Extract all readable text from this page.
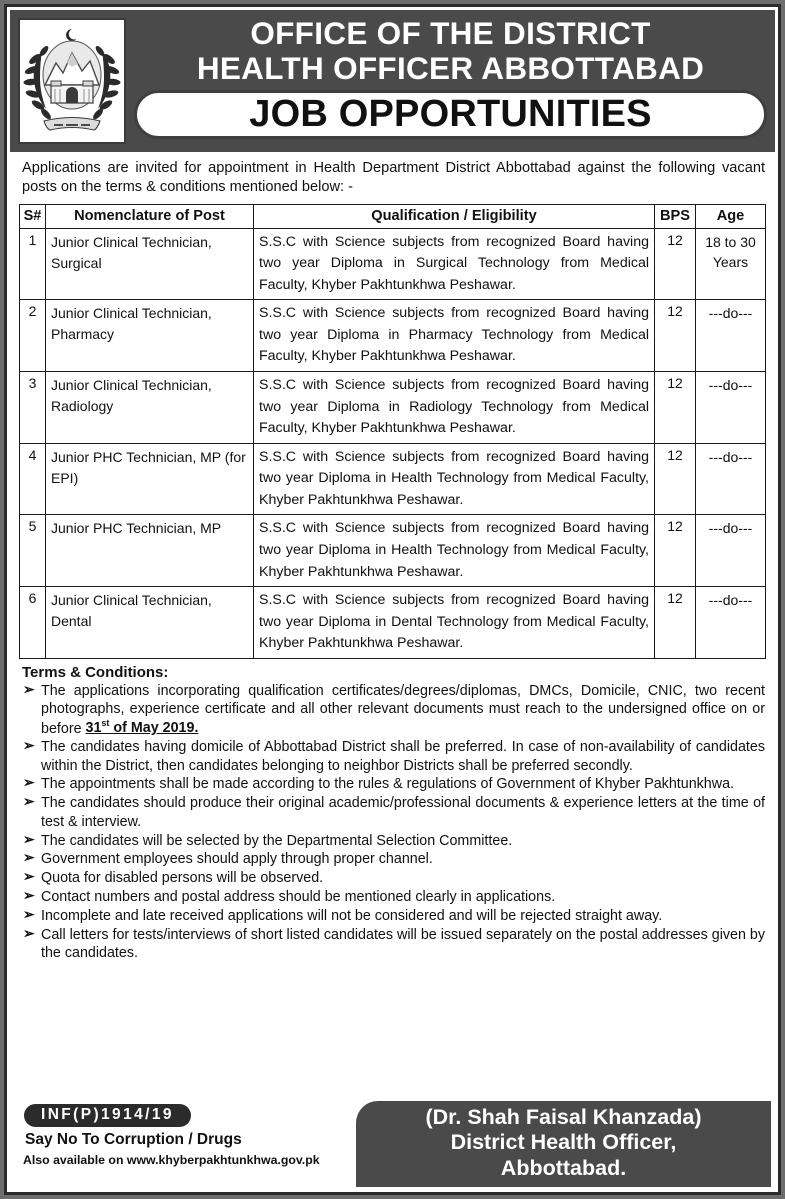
OFFICE OF THE DISTRICT
HEALTH OFFICER ABBOTTABAD
JOB OPPORTUNITIES
Applications are invited for appointment in Health Department District Abbottabad against the following vacant posts on the terms & conditions mentioned below: -
S#	Nomenclature of Post	Qualification / Eligibility	BPS	Age
1	Junior Clinical Technician, Surgical	S.S.C with Science subjects from recognized Board having two year Diploma in Surgical Technology from Medical Faculty, Khyber Pakhtunkhwa Peshawar.	12	18 to 30 Years
2	Junior Clinical Technician, Pharmacy	S.S.C with Science subjects from recognized Board having two year Diploma in Pharmacy Technology from Medical Faculty, Khyber Pakhtunkhwa Peshawar.	12	---do---
3	Junior Clinical Technician, Radiology	S.S.C with Science subjects from recognized Board having two year Diploma in Radiology Technology from Medical Faculty, Khyber Pakhtunkhwa Peshawar.	12	---do---
4	Junior PHC Technician, MP (for EPI)	S.S.C with Science subjects from recognized Board having two year Diploma in Health Technology from Medical Faculty, Khyber Pakhtunkhwa Peshawar.	12	---do---
5	Junior PHC Technician, MP	S.S.C with Science subjects from recognized Board having two year Diploma in Health Technology from Medical Faculty, Khyber Pakhtunkhwa Peshawar.	12	---do---
6	Junior Clinical Technician, Dental	S.S.C with Science subjects from recognized Board having two year Diploma in Dental Technology from Medical Faculty, Khyber Pakhtunkhwa Peshawar.	12	---do---
Terms & Conditions:
➢ The applications incorporating qualification certificates/degrees/diplomas, DMCs, Domicile, CNIC, two recent photographs, experience certificate and all other relevant documents must reach to the undersigned office on or before 31st of May 2019.
➢ The candidates having domicile of Abbottabad District shall be preferred. In case of non-availability of candidates within the District, then candidates belonging to neighbor Districts shall be preferred secondly.
➢ The appointments shall be made according to the rules & regulations of Government of Khyber Pakhtunkhwa.
➢ The candidates should produce their original academic/professional documents & experience letters at the time of test & interview.
➢ The candidates will be selected by the Departmental Selection Committee.
➢ Government employees should apply through proper channel.
➢ Quota for disabled persons will be observed.
➢ Contact numbers and postal address should be mentioned clearly in applications.
➢ Incomplete and late received applications will not be considered and will be rejected straight away.
➢ Call letters for tests/interviews of short listed candidates will be issued separately on the postal addresses given by the candidates.
INF(P)1914/19
Say No To Corruption / Drugs
Also available on www.khyberpakhtunkhwa.gov.pk
(Dr. Shah Faisal Khanzada)
District Health Officer,
Abbottabad.
